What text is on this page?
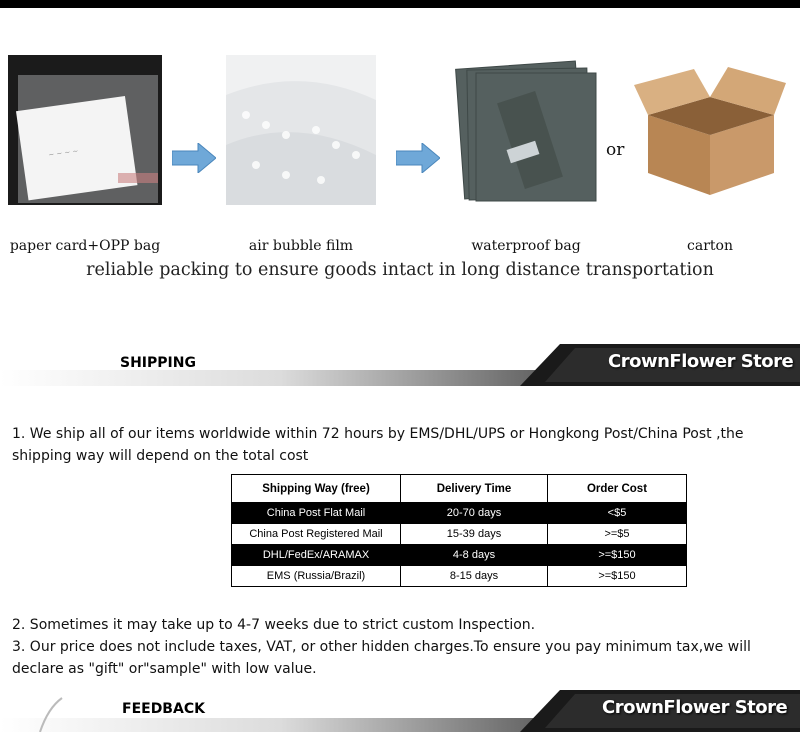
~ ~ ~ ~
paper card+OPP bag	air bubble film	waterproof bag
or
carton
reliable packing to ensure goods intact in long distance transportation
SHIPPING	CrownFlower Store
1. We ship all of our items worldwide within 72 hours by EMS/DHL/UPS or Hongkong Post/China Post ,the shipping way will depend on the total cost
Shipping Way (free)	Delivery Time	Order Cost
China Post Flat Mail	20-70 days	<$5
China Post Registered Mail	15-39 days	>=$5
DHL/FedEx/ARAMAX	4-8 days	>=$150
EMS (Russia/Brazil)	8-15 days	>=$150
2. Sometimes it may take up to 4-7 weeks due to strict custom Inspection.
3. Our price does not include taxes, VAT, or other hidden charges.To ensure you pay minimum tax,we will declare as "gift" or"sample" with low value.
FEEDBACK	CrownFlower Store
